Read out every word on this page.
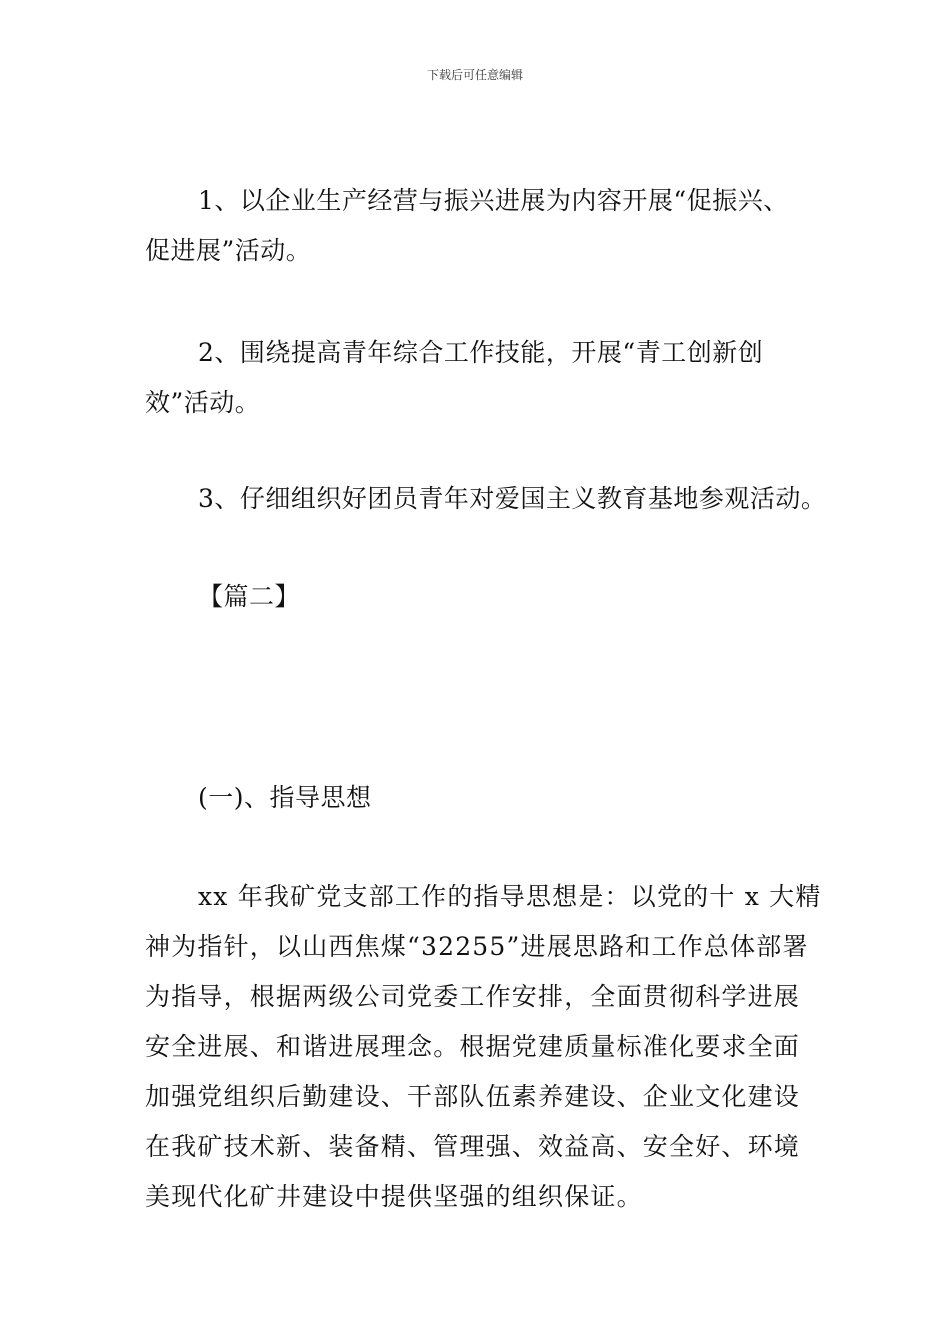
下载后可任意编辑
1、以企业生产经营与振兴进展为内容开展“促振兴、
促进展”活动。
2、围绕提高青年综合工作技能，开展“青工创新创
效”活动。
3、仔细组织好团员青年对爱国主义教育基地参观活动。
【篇二】
(一)、指导思想
xx 年我矿党支部工作的指导思想是：以党的十 x 大精
神为指针，以山西焦煤“32255”进展思路和工作总体部署
为指导，根据两级公司党委工作安排，全面贯彻科学进展
安全进展、和谐进展理念。根据党建质量标准化要求全面
加强党组织后勤建设、干部队伍素养建设、企业文化建设
在我矿技术新、装备精、管理强、效益高、安全好、环境
美现代化矿井建设中提供坚强的组织保证。
